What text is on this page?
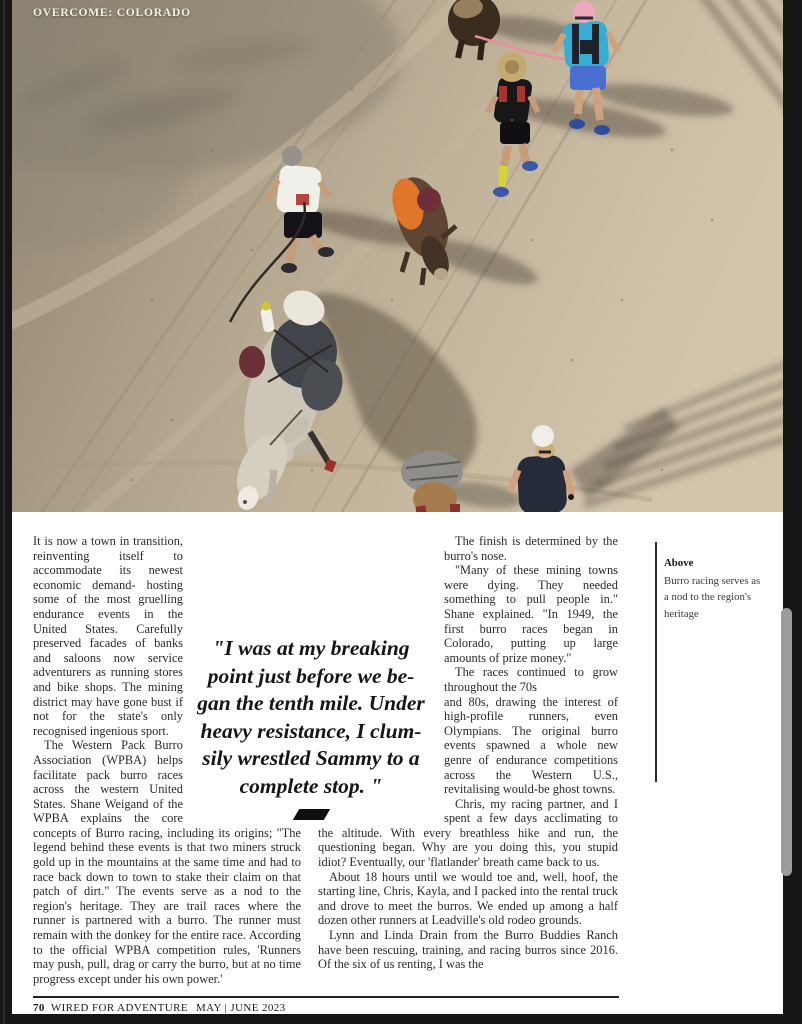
OVERCOME: COLORADO

It is now a town in transition, reinventing itself to accommodate its newest economic demand- hosting some of the most gruelling endurance events in the United States. Carefully preserved facades of banks and saloons now service adventurers as running stores and bike shops. The mining district may have gone bust if not for the state's only recognised ingenious sport.

The Western Pack Burro Association (WPBA) helps facilitate pack burro races across the western United States. Shane Weigand of the WPBA explains the core concepts of Burro racing, including its origins; "The legend behind these events is that two miners struck gold up in the mountains at the same time and had to race back down to town to stake their claim on that patch of dirt." The events serve as a nod to the region's heritage. They are trail races where the runner is partnered with a burro. The runner must remain with the donkey for the entire race. According to the official WPBA competition rules, 'Runners may push, pull, drag or carry the burro, but at no time progress except under his own power.'

The finish is determined by the burro's nose.

"Many of these mining towns were dying. They needed something to pull people in." Shane explained. "In 1949, the first burro races began in Colorado, putting up large amounts of prize money."

The races continued to grow throughout the 70s

and 80s, drawing the interest of high-profile runners, even Olympians. The original burro events spawned a whole new genre of endurance competitions across the Western U.S., revitalising would-be ghost towns.

Chris, my racing partner, and I spent a few days acclimating to the altitude. With every breathless hike and run, the questioning began. Why are you doing this, you stupid idiot? Eventually, our 'flatlander' breath came back to us.

About 18 hours until we would toe and, well, hoof, the starting line, Chris, Kayla, and I packed into the rental truck and drove to meet the burros. We ended up among a half dozen other runners at Leadville's old rodeo grounds.

Lynn and Linda Drain from the Burro Buddies Ranch have been rescuing, training, and racing burros since 2016. Of the six of us renting, I was the

"I was at my breaking
point just before we be-
gan the tenth mile. Under
heavy resistance, I clum-
sily wrestled Sammy to a
complete stop. "
Above
Burro racing serves as a nod to the region's heritage
70 WIRED FOR ADVENTURE MAY | JUNE 2023
